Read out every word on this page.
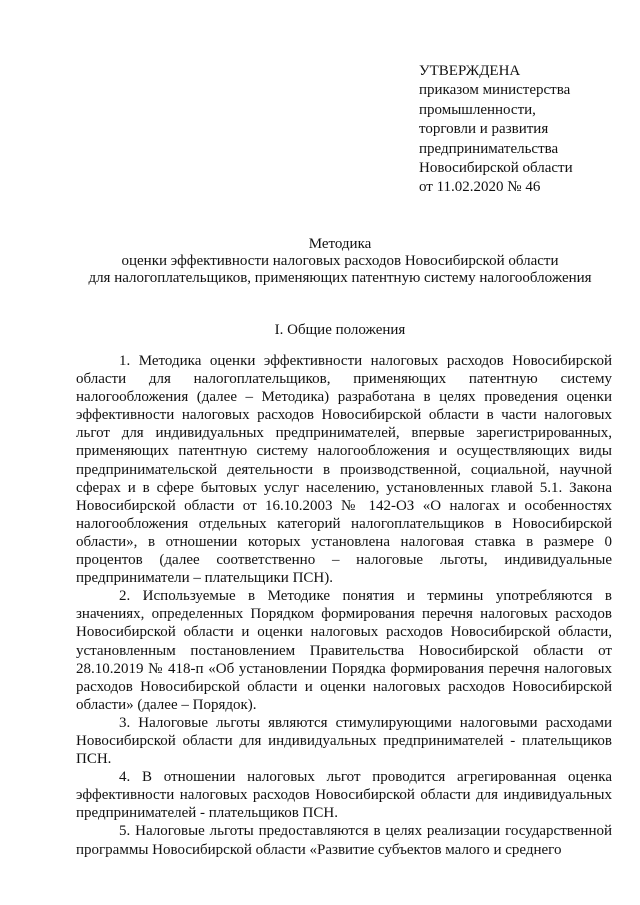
УТВЕРЖДЕНА
приказом министерства
промышленности,
торговли и развития
предпринимательства
Новосибирской области
от 11.02.2020 № 46
Методика
оценки эффективности налоговых расходов Новосибирской области
для налогоплательщиков, применяющих патентную систему налогообложения
I. Общие положения

1. Методика оценки эффективности налоговых расходов Новосибирской области для налогоплательщиков, применяющих патентную систему налогообложения (далее – Методика) разработана в целях проведения оценки эффективности налоговых расходов Новосибирской области в части налоговых льгот для индивидуальных предпринимателей, впервые зарегистрированных, применяющих патентную систему налогообложения и осуществляющих виды предпринимательской деятельности в производственной, социальной, научной сферах и в сфере бытовых услуг населению, установленных главой 5.1. Закона Новосибирской области от 16.10.2003 № 142-ОЗ «О налогах и особенностях налогообложения отдельных категорий налогоплательщиков в Новосибирской области», в отношении которых установлена налоговая ставка в размере 0 процентов (далее соответственно – налоговые льготы, индивидуальные предприниматели – плательщики ПСН).

2. Используемые в Методике понятия и термины употребляются в значениях, определенных Порядком формирования перечня налоговых расходов Новосибирской области и оценки налоговых расходов Новосибирской области, установленным постановлением Правительства Новосибирской области от 28.10.2019 № 418-п «Об установлении Порядка формирования перечня налоговых расходов Новосибирской области и оценки налоговых расходов Новосибирской области» (далее – Порядок).

3. Налоговые льготы являются стимулирующими налоговыми расходами Новосибирской области для индивидуальных предпринимателей - плательщиков ПСН.

4. В отношении налоговых льгот проводится агрегированная оценка эффективности налоговых расходов Новосибирской области для индивидуальных предпринимателей - плательщиков ПСН.

5. Налоговые льготы предоставляются в целях реализации государственной программы Новосибирской области «Развитие субъектов малого и среднего
